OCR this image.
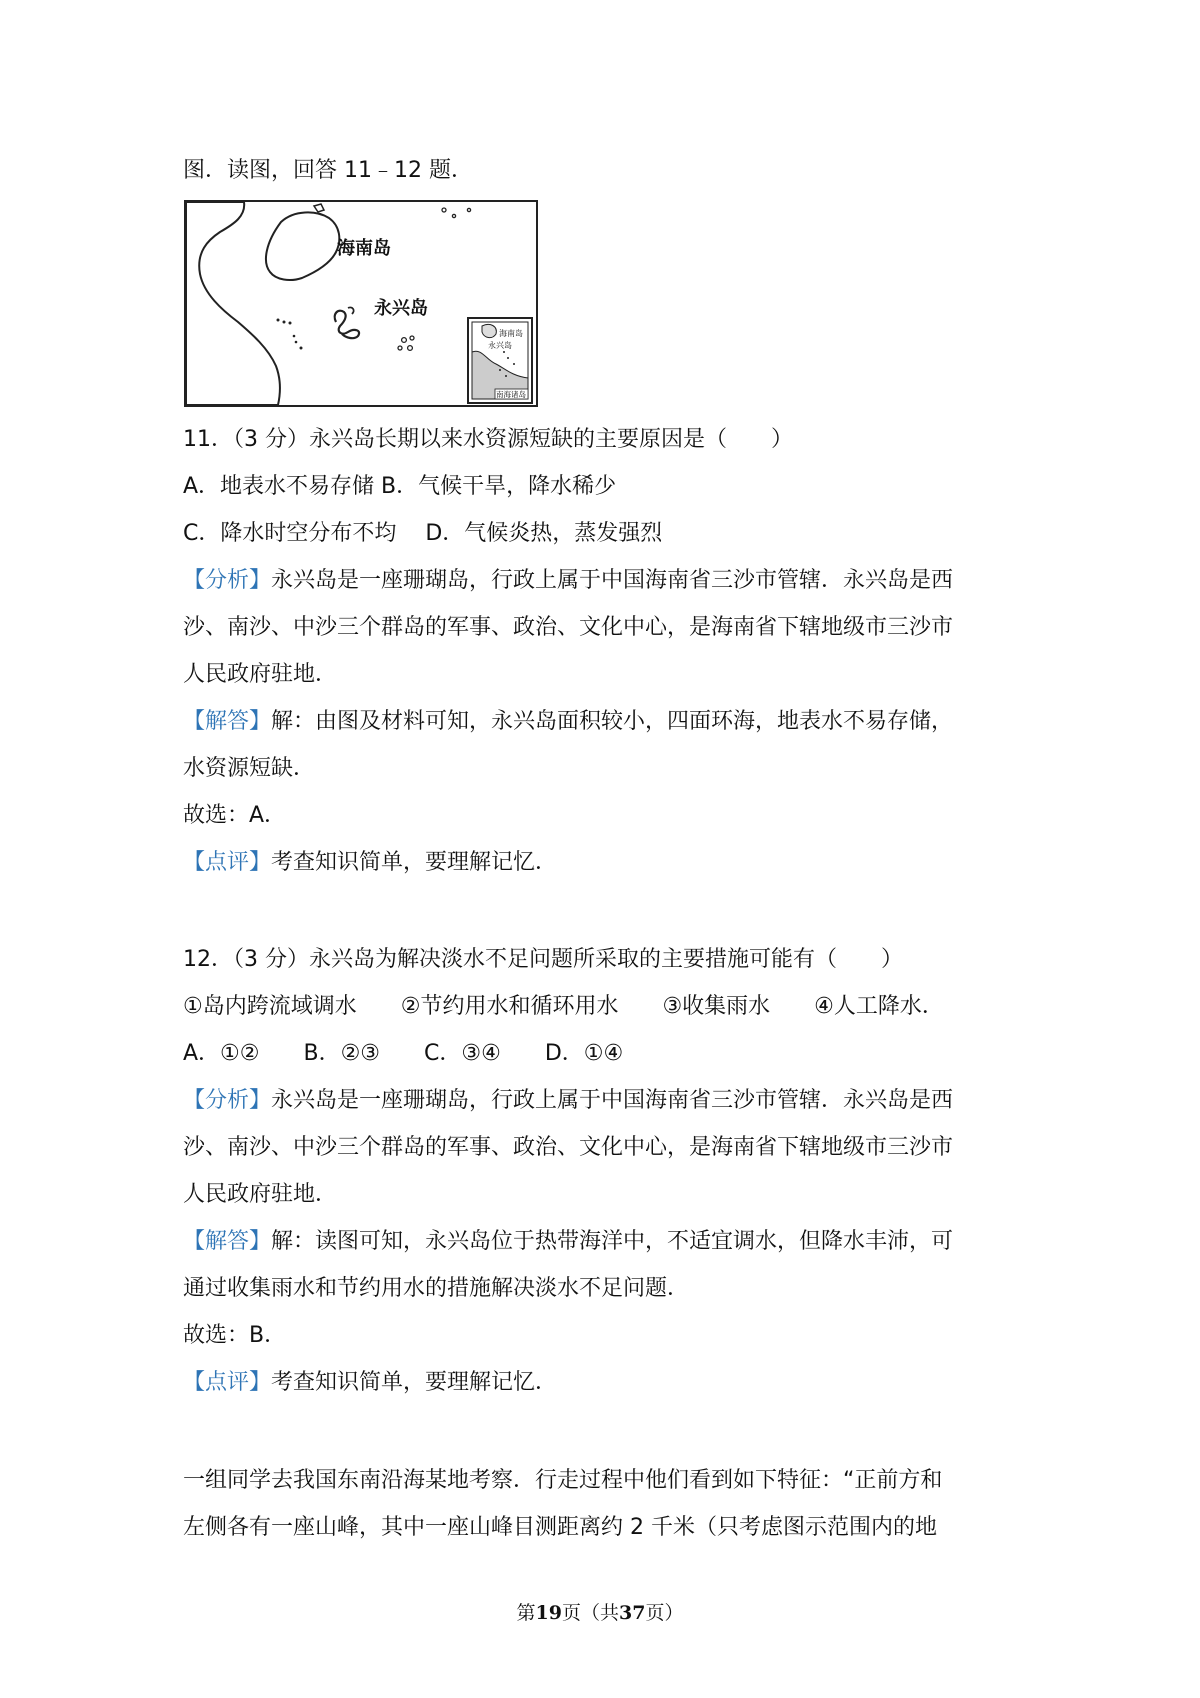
图．读图，回答 11﹣12 题．
海南岛
永兴岛
海南岛
永兴岛
南海诸岛
11．（3 分）永兴岛长期以来水资源短缺的主要原因是（　　）
A．地表水不易存储 B．气候干旱，降水稀少
C．降水时空分布不均　 D．气候炎热，蒸发强烈
【分析】永兴岛是一座珊瑚岛，行政上属于中国海南省三沙市管辖．永兴岛是西
沙、南沙、中沙三个群岛的军事、政治、文化中心，是海南省下辖地级市三沙市
人民政府驻地．
【解答】解：由图及材料可知，永兴岛面积较小，四面环海，地表水不易存储，
水资源短缺．
故选：A．
【点评】考查知识简单，要理解记忆．
12．（3 分）永兴岛为解决淡水不足问题所采取的主要措施可能有（　　）
①岛内跨流域调水　　②节约用水和循环用水　　③收集雨水　　④人工降水．
A．①②　　B．②③　　C．③④　　D．①④
【分析】永兴岛是一座珊瑚岛，行政上属于中国海南省三沙市管辖．永兴岛是西
沙、南沙、中沙三个群岛的军事、政治、文化中心，是海南省下辖地级市三沙市
人民政府驻地．
【解答】解：读图可知，永兴岛位于热带海洋中，不适宜调水，但降水丰沛，可
通过收集雨水和节约用水的措施解决淡水不足问题．
故选：B．
【点评】考查知识简单，要理解记忆．
一组同学去我国东南沿海某地考察．行走过程中他们看到如下特征：“正前方和
左侧各有一座山峰，其中一座山峰目测距离约 2 千米（只考虑图示范围内的地
第19页（共37页）
